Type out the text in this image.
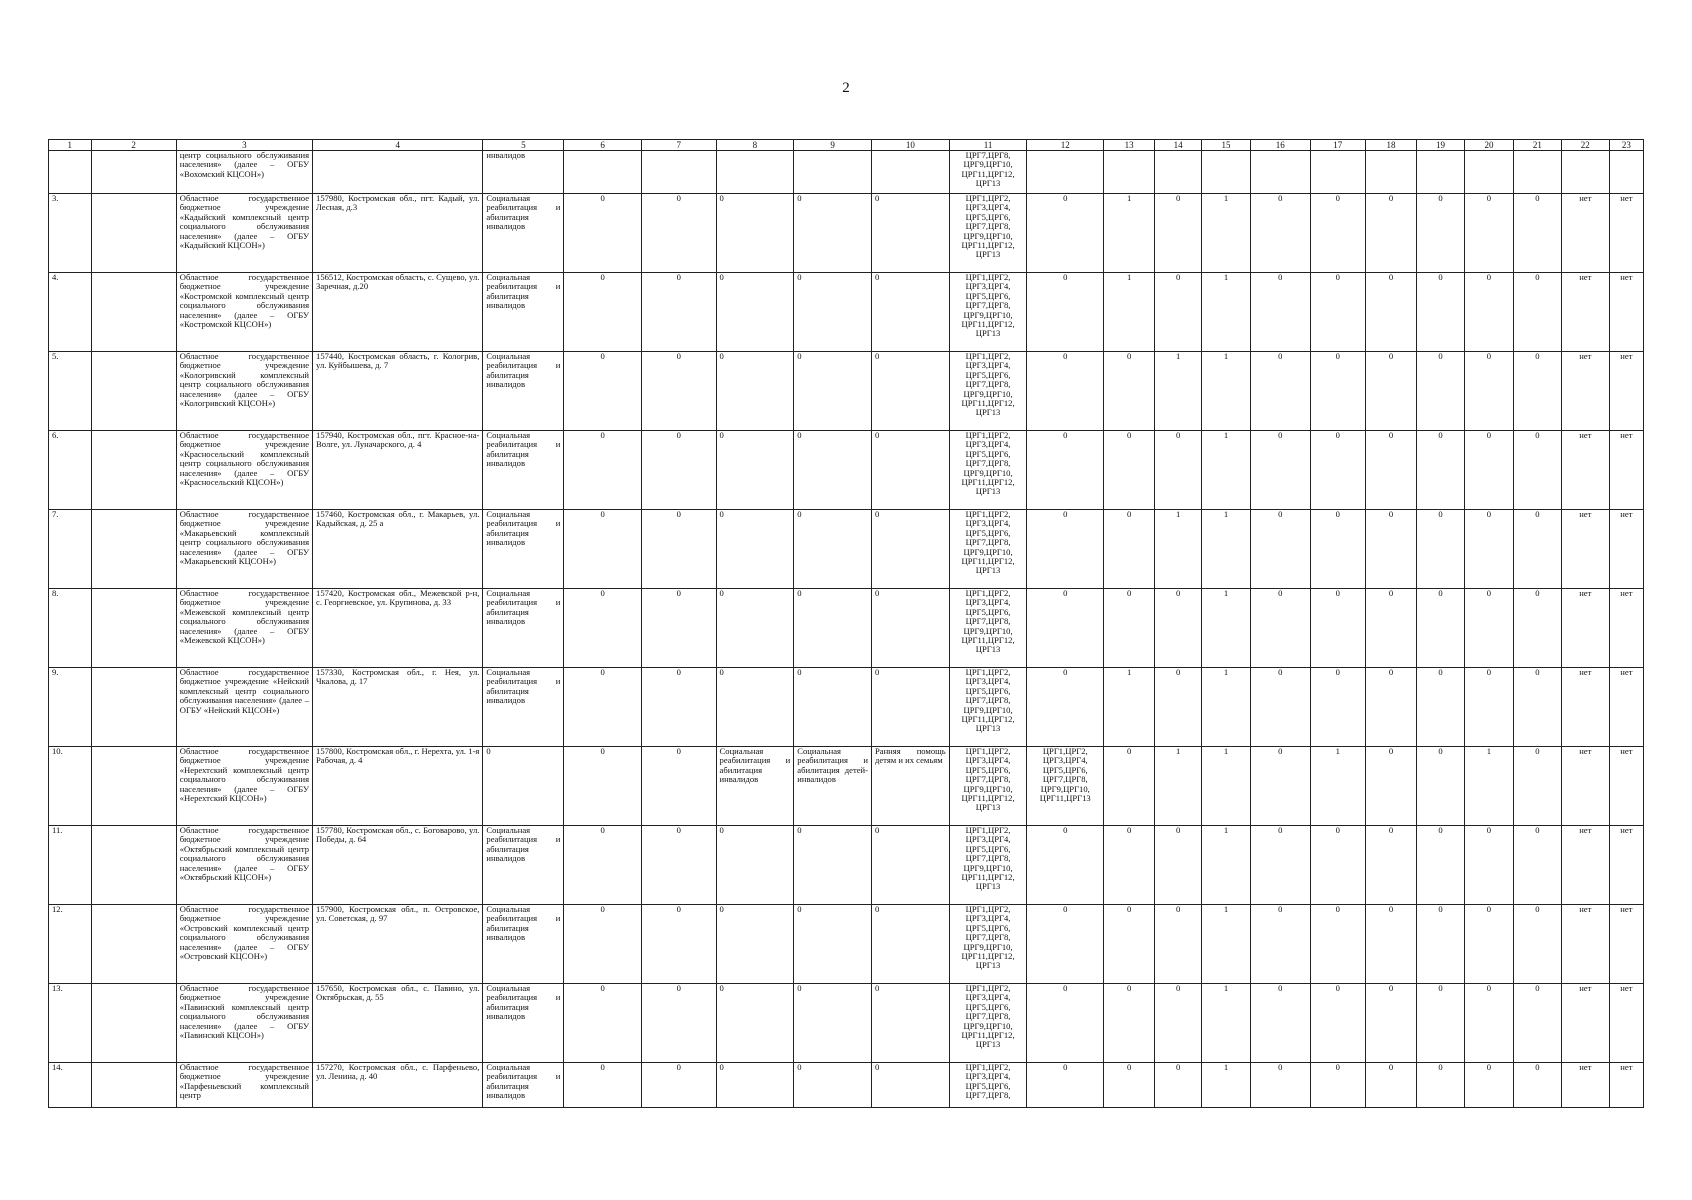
2
1	2	3	4	5	6	7	8	9	10	11	12	13	14	15	16	17	18	19	20	21	22	23
		центр социального обслуживания населения» (далее – ОГБУ «Вохомский КЦСОН»)		инвалидов						ЦРГ7,ЦРГ8, ЦРГ9,ЦРГ10, ЦРГ11,ЦРГ12, ЦРГ13												
3.		Областное государственное бюджетное учреждение «Кадыйский комплексный центр социального обслуживания населения» (далее – ОГБУ «Кадыйский КЦСОН»)	157980, Костромская обл., пгт. Кадый, ул. Лесная, д.3	Социальная реабилитация и абилитация инвалидов	0	0	0	0	0	ЦРГ1,ЦРГ2, ЦРГ3,ЦРГ4, ЦРГ5,ЦРГ6, ЦРГ7,ЦРГ8, ЦРГ9,ЦРГ10, ЦРГ11,ЦРГ12, ЦРГ13	0	1	0	1	0	0	0	0	0	0	нет	нет
4.		Областное государственное бюджетное учреждение «Костромской комплексный центр социального обслуживания населения» (далее – ОГБУ «Костромской КЦСОН»)	156512, Костромская область, с. Сущево, ул. Заречная, д.20	Социальная реабилитация и абилитация инвалидов	0	0	0	0	0	ЦРГ1,ЦРГ2, ЦРГ3,ЦРГ4, ЦРГ5,ЦРГ6, ЦРГ7,ЦРГ8, ЦРГ9,ЦРГ10, ЦРГ11,ЦРГ12, ЦРГ13	0	1	0	1	0	0	0	0	0	0	нет	нет
5.		Областное государственное бюджетное учреждение «Кологривский комплексный центр социального обслуживания населения» (далее – ОГБУ «Кологривский КЦСОН»)	157440, Костромская область, г. Кологрив, ул. Куйбышева, д. 7	Социальная реабилитация и абилитация инвалидов	0	0	0	0	0	ЦРГ1,ЦРГ2, ЦРГ3,ЦРГ4, ЦРГ5,ЦРГ6, ЦРГ7,ЦРГ8, ЦРГ9,ЦРГ10, ЦРГ11,ЦРГ12, ЦРГ13	0	0	1	1	0	0	0	0	0	0	нет	нет
6.		Областное государственное бюджетное учреждение «Красносельский комплексный центр социального обслуживания населения» (далее – ОГБУ «Красносельский КЦСОН»)	157940, Костромская обл., пгт. Красное-на-Волге, ул. Луначарского, д. 4	Социальная реабилитация и абилитация инвалидов	0	0	0	0	0	ЦРГ1,ЦРГ2, ЦРГ3,ЦРГ4, ЦРГ5,ЦРГ6, ЦРГ7,ЦРГ8, ЦРГ9,ЦРГ10, ЦРГ11,ЦРГ12, ЦРГ13	0	0	0	1	0	0	0	0	0	0	нет	нет
7.		Областное государственное бюджетное учреждение «Макарьевский комплексный центр социального обслуживания населения» (далее – ОГБУ «Макарьевский КЦСОН»)	157460, Костромская обл., г. Макарьев, ул. Кадыйская, д. 25 а	Социальная реабилитация и абилитация инвалидов	0	0	0	0	0	ЦРГ1,ЦРГ2, ЦРГ3,ЦРГ4, ЦРГ5,ЦРГ6, ЦРГ7,ЦРГ8, ЦРГ9,ЦРГ10, ЦРГ11,ЦРГ12, ЦРГ13	0	0	1	1	0	0	0	0	0	0	нет	нет
8.		Областное государственное бюджетное учреждение «Межевской комплексный центр социального обслуживания населения» (далее – ОГБУ «Межевской КЦСОН»)	157420, Костромская обл., Межевской р-н, с. Георгиевское, ул. Крупинова, д. 33	Социальная реабилитация и абилитация инвалидов	0	0	0	0	0	ЦРГ1,ЦРГ2, ЦРГ3,ЦРГ4, ЦРГ5,ЦРГ6, ЦРГ7,ЦРГ8, ЦРГ9,ЦРГ10, ЦРГ11,ЦРГ12, ЦРГ13	0	0	0	1	0	0	0	0	0	0	нет	нет
9.		Областное государственное бюджетное учреждение «Нейский комплексный центр социального обслуживания населения» (далее – ОГБУ «Нейский КЦСОН»)	157330, Костромская обл., г. Нея, ул. Чкалова, д. 17	Социальная реабилитация и абилитация инвалидов	0	0	0	0	0	ЦРГ1,ЦРГ2, ЦРГ3,ЦРГ4, ЦРГ5,ЦРГ6, ЦРГ7,ЦРГ8, ЦРГ9,ЦРГ10, ЦРГ11,ЦРГ12, ЦРГ13	0	1	0	1	0	0	0	0	0	0	нет	нет
10.		Областное государственное бюджетное учреждение «Нерехтский комплексный центр социального обслуживания населения» (далее – ОГБУ «Нерехтский КЦСОН»)	157800, Костромская обл., г. Нерехта, ул. 1-я Рабочая, д. 4	0	0	0	Социальная реабилитация и абилитация инвалидов	Социальная реабилитация и абилитация детей-инвалидов	Ранняя помощь детям и их семьям	ЦРГ1,ЦРГ2, ЦРГ3,ЦРГ4, ЦРГ5,ЦРГ6, ЦРГ7,ЦРГ8, ЦРГ9,ЦРГ10, ЦРГ11,ЦРГ12, ЦРГ13	ЦРГ1,ЦРГ2, ЦРГ3,ЦРГ4, ЦРГ5,ЦРГ6, ЦРГ7,ЦРГ8, ЦРГ9,ЦРГ10, ЦРГ11,ЦРГ13	0	1	1	0	1	0	0	1	0	нет	нет
11.		Областное государственное бюджетное учреждение «Октябрьский комплексный центр социального обслуживания населения» (далее – ОГБУ «Октябрьский КЦСОН»)	157780, Костромская обл., с. Боговарово, ул. Победы, д. 64	Социальная реабилитация и абилитация инвалидов	0	0	0	0	0	ЦРГ1,ЦРГ2, ЦРГ3,ЦРГ4, ЦРГ5,ЦРГ6, ЦРГ7,ЦРГ8, ЦРГ9,ЦРГ10, ЦРГ11,ЦРГ12, ЦРГ13	0	0	0	1	0	0	0	0	0	0	нет	нет
12.		Областное государственное бюджетное учреждение «Островский комплексный центр социального обслуживания населения» (далее – ОГБУ «Островский КЦСОН»)	157900, Костромская обл., п. Островское, ул. Советская, д. 97	Социальная реабилитация и абилитация инвалидов	0	0	0	0	0	ЦРГ1,ЦРГ2, ЦРГ3,ЦРГ4, ЦРГ5,ЦРГ6, ЦРГ7,ЦРГ8, ЦРГ9,ЦРГ10, ЦРГ11,ЦРГ12, ЦРГ13	0	0	0	1	0	0	0	0	0	0	нет	нет
13.		Областное государственное бюджетное учреждение «Павинский комплексный центр социального обслуживания населения» (далее – ОГБУ «Павинский КЦСОН»)	157650, Костромская обл., с. Павино, ул. Октябрьская, д. 55	Социальная реабилитация и абилитация инвалидов	0	0	0	0	0	ЦРГ1,ЦРГ2, ЦРГ3,ЦРГ4, ЦРГ5,ЦРГ6, ЦРГ7,ЦРГ8, ЦРГ9,ЦРГ10, ЦРГ11,ЦРГ12, ЦРГ13	0	0	0	1	0	0	0	0	0	0	нет	нет
14.		Областное государственное бюджетное учреждение «Парфеньевский комплексный центр	157270, Костромская обл., с. Парфеньево, ул. Ленина, д. 40	Социальная реабилитация и абилитация инвалидов	0	0	0	0	0	ЦРГ1,ЦРГ2, ЦРГ3,ЦРГ4, ЦРГ5,ЦРГ6, ЦРГ7,ЦРГ8,	0	0	0	1	0	0	0	0	0	0	нет	нет
